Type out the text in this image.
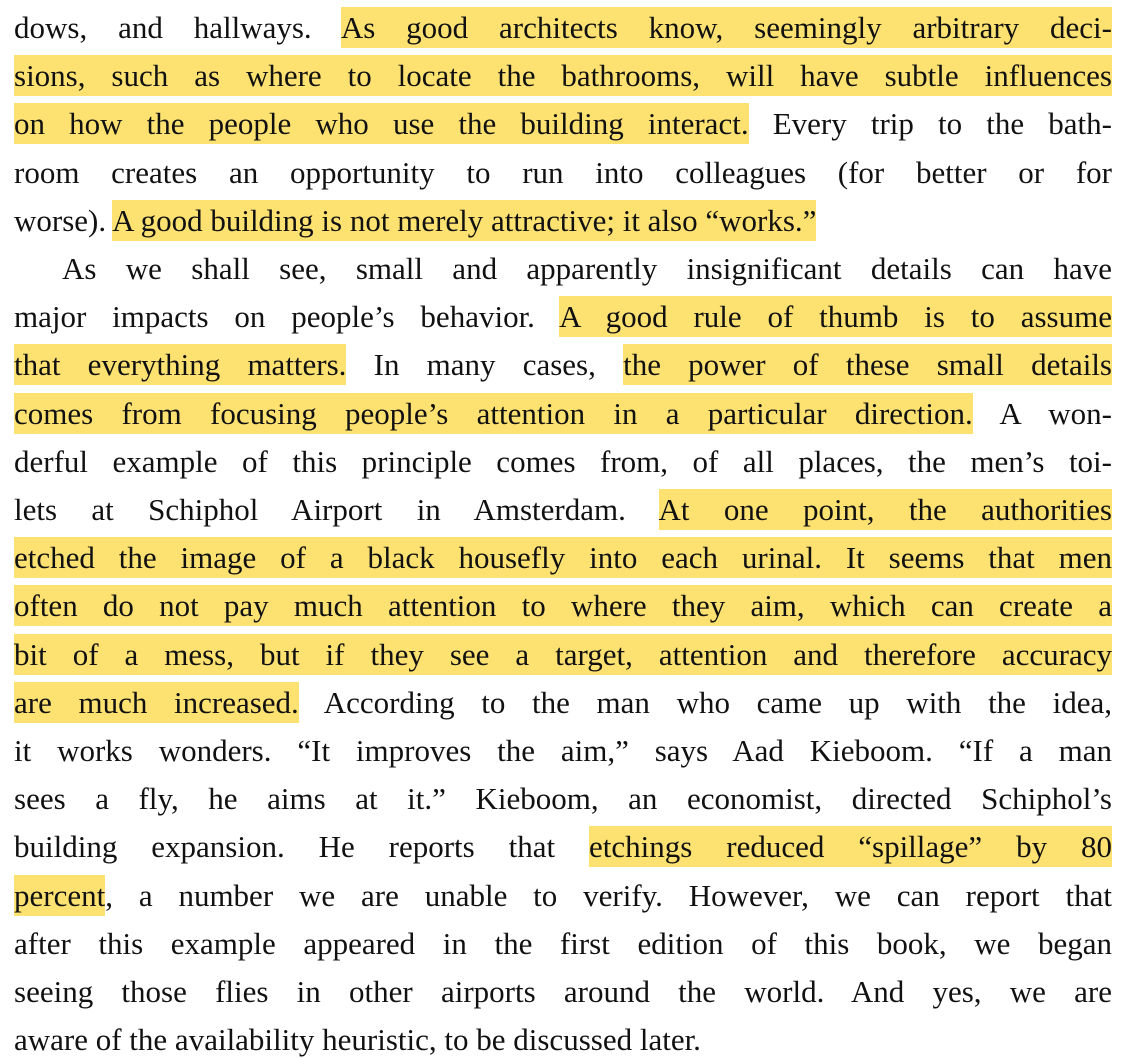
dows, and hallways. As good architects know, seemingly arbitrary deci-
sions, such as where to locate the bathrooms, will have subtle influences
on how the people who use the building interact. Every trip to the bath-
room creates an opportunity to run into colleagues (for better or for
worse). A good building is not merely attractive; it also “works.”
As we shall see, small and apparently insignificant details can have
major impacts on people’s behavior. A good rule of thumb is to assume
that everything matters. In many cases, the power of these small details
comes from focusing people’s attention in a particular direction. A won-
derful example of this principle comes from, of all places, the men’s toi-
lets at Schiphol Airport in Amsterdam. At one point, the authorities
etched the image of a black housefly into each urinal. It seems that men
often do not pay much attention to where they aim, which can create a
bit of a mess, but if they see a target, attention and therefore accuracy
are much increased. According to the man who came up with the idea,
it works wonders. “It improves the aim,” says Aad Kieboom. “If a man
sees a fly, he aims at it.” Kieboom, an economist, directed Schiphol’s
building expansion. He reports that etchings reduced “spillage” by 80
percent, a number we are unable to verify. However, we can report that
after this example appeared in the first edition of this book, we began
seeing those flies in other airports around the world. And yes, we are
aware of the availability heuristic, to be discussed later.
